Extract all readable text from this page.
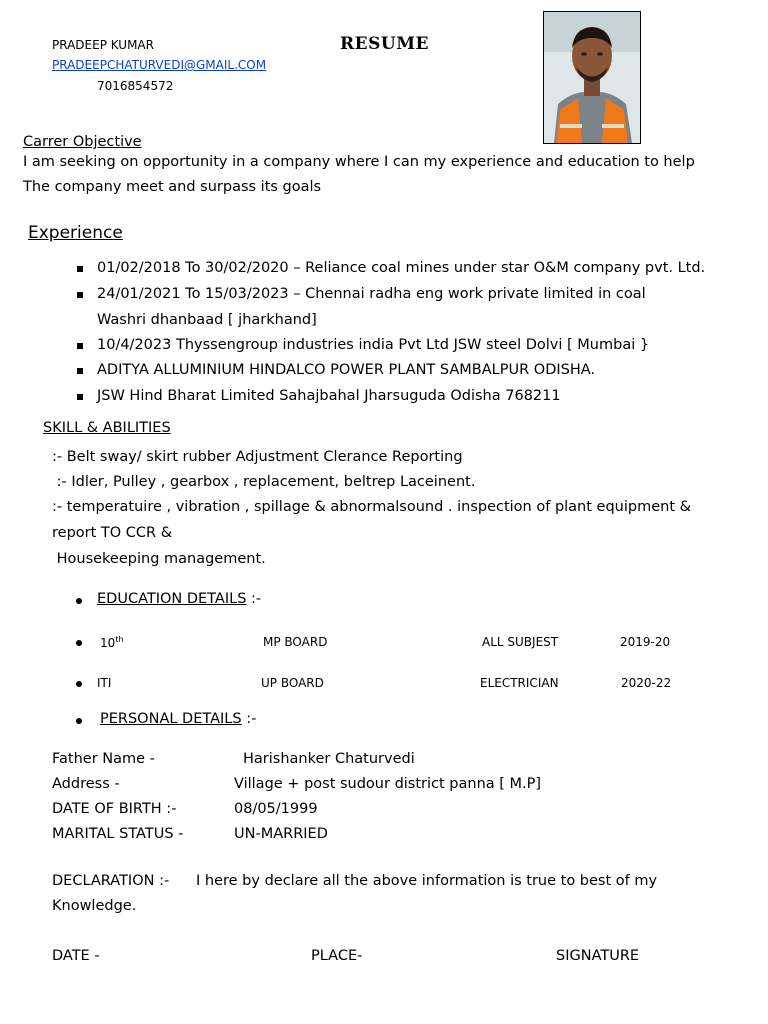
PRADEEP KUMAR
PRADEEPCHATURVEDI@GMAIL.COM
7016854572
RESUME
Carrer Objective
I am seeking on opportunity in a company where I can my experience and education to help
The company meet and surpass its goals
Experience
01/02/2018 To 30/02/2020 – Reliance coal mines under star O&M company pvt. Ltd.
24/01/2021 To 15/03/2023 – Chennai radha eng work private limited in coal
Washri dhanbaad [ jharkhand]
10/4/2023 Thyssengroup industries india Pvt Ltd JSW steel Dolvi [ Mumbai }
ADITYA ALLUMINIUM HINDALCO POWER PLANT SAMBALPUR ODISHA.
JSW Hind Bharat Limited Sahajbahal Jharsuguda Odisha 768211
SKILL & ABILITIES
:- Belt sway/ skirt rubber Adjustment Clerance Reporting
:- Idler, Pulley , gearbox , replacement, beltrep Laceinent.
:- temperatuire , vibration , spillage & abnormalsound . inspection of plant equipment &
report TO CCR &
Housekeeping management.
EDUCATION DETAILS :-
10th	MP BOARD	ALL SUBJEST	2019-20
ITI	UP BOARD	ELECTRICIAN	2020-22
PERSONAL DETAILS :-
Father Name -	Harishanker Chaturvedi
Address -	Village + post sudour district panna [ M.P]
DATE OF BIRTH :-	08/05/1999
MARITAL STATUS -	UN-MARRIED
DECLARATION :- I here by declare all the above information is true to best of my
Knowledge.
DATE -	PLACE-	SIGNATURE
